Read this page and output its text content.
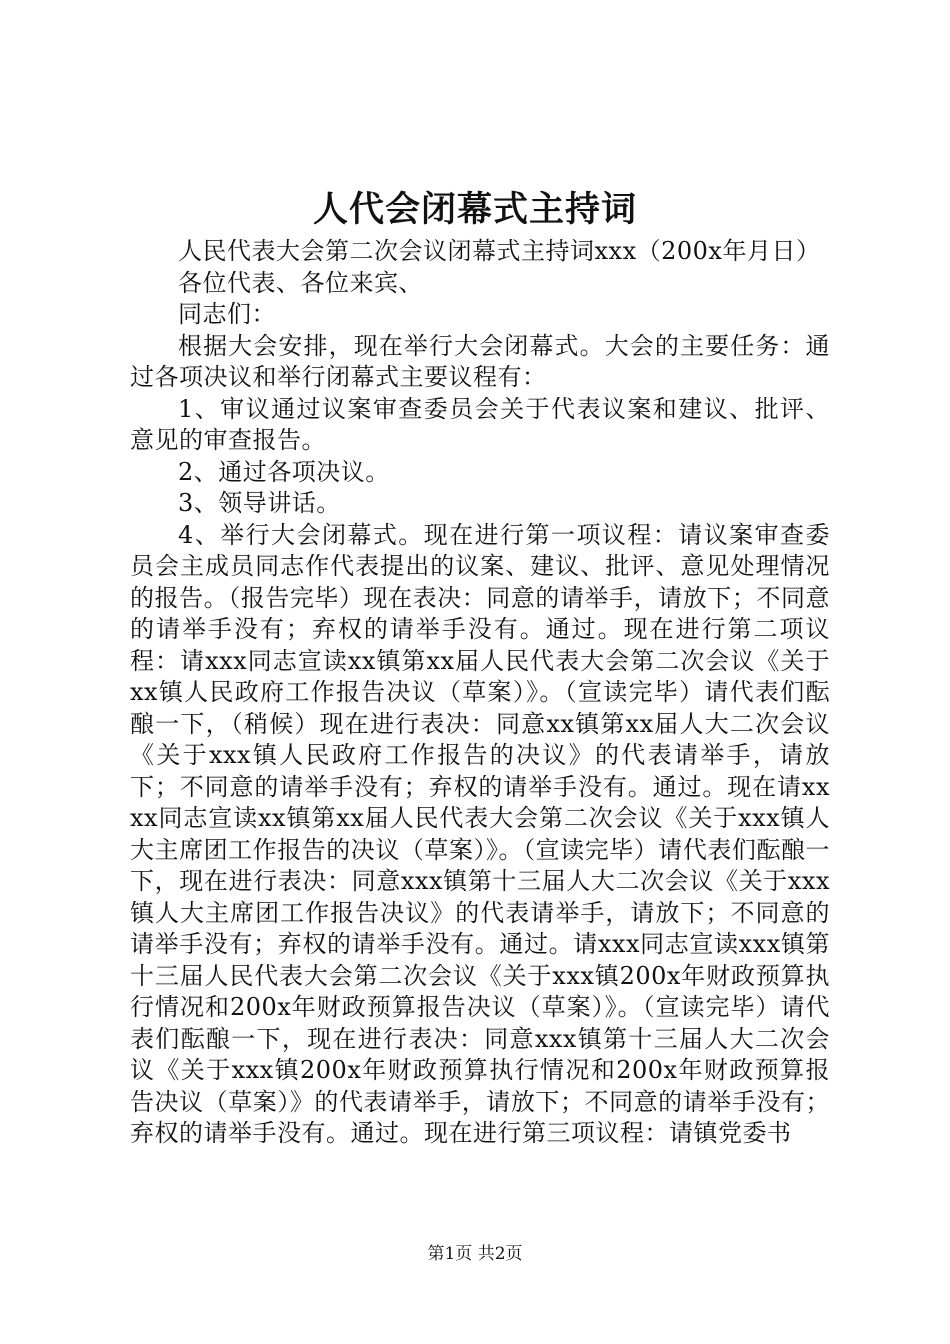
人代会闭幕式主持词

人民代表大会第二次会议闭幕式主持词xxx（200x年月日）

各位代表、各位来宾、

同志们：

根据大会安排，现在举行大会闭幕式。大会的主要任务：通过各项决议和举行闭幕式主要议程有：

1、审议通过议案审查委员会关于代表议案和建议、批评、意见的审查报告。

2、通过各项决议。

3、领导讲话。

4、举行大会闭幕式。现在进行第一项议程：请议案审查委员会主成员同志作代表提出的议案、建议、批评、意见处理情况的报告。（报告完毕）现在表决：同意的请举手，请放下；不同意的请举手没有；弃权的请举手没有。通过。现在进行第二项议程：请xxx同志宣读xx镇第xx届人民代表大会第二次会议《关于xx镇人民政府工作报告决议（草案）》。（宣读完毕）请代表们酝酿一下，（稍候）现在进行表决：同意xx镇第xx届人大二次会议《关于xxx镇人民政府工作报告的决议》的代表请举手，请放下；不同意的请举手没有；弃权的请举手没有。通过。现在请xxxx同志宣读xx镇第xx届人民代表大会第二次会议《关于xxx镇人大主席团工作报告的决议（草案）》。（宣读完毕）请代表们酝酿一下，现在进行表决：同意xxx镇第十三届人大二次会议《关于xxx镇人大主席团工作报告决议》的代表请举手，请放下；不同意的请举手没有；弃权的请举手没有。通过。请xxx同志宣读xxx镇第十三届人民代表大会第二次会议《关于xxx镇200x年财政预算执行情况和200x年财政预算报告决议（草案）》。（宣读完毕）请代表们酝酿一下，现在进行表决：同意xxx镇第十三届人大二次会议《关于xxx镇200x年财政预算执行情况和200x年财政预算报告决议（草案）》的代表请举手，请放下；不同意的请举手没有；弃权的请举手没有。通过。现在进行第三项议程：请镇党委书

第1页 共2页
